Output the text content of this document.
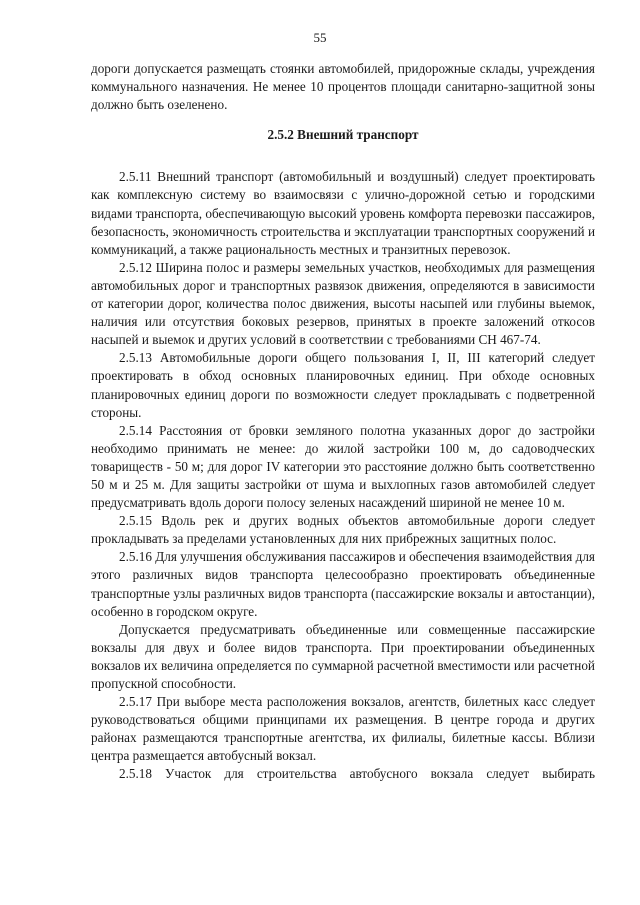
55

дороги допускается размещать стоянки автомобилей, придорожные склады, учреждения коммунального назначения. Не менее 10 процентов площади санитарно-защитной зоны должно быть озеленено.

2.5.2 Внешний транспорт

2.5.11 Внешний транспорт (автомобильный и воздушный) следует проектировать как комплексную систему во взаимосвязи с улично-дорожной сетью и городскими видами транспорта, обеспечивающую высокий уровень комфорта перевозки пассажиров, безопасность, экономичность строительства и эксплуатации транспортных сооружений и коммуникаций, а также рациональность местных и транзитных перевозок.

2.5.12 Ширина полос и размеры земельных участков, необходимых для размещения автомобильных дорог и транспортных развязок движения, определяются в зависимости от категории дорог, количества полос движения, высоты насыпей или глубины выемок, наличия или отсутствия боковых резервов, принятых в проекте заложений откосов насыпей и выемок и других условий в соответствии с требованиями СН 467-74.

2.5.13 Автомобильные дороги общего пользования I, II, III категорий следует проектировать в обход основных планировочных единиц. При обходе основных планировочных единиц дороги по возможности следует прокладывать с подветренной стороны.

2.5.14 Расстояния от бровки земляного полотна указанных дорог до застройки необходимо принимать не менее: до жилой застройки 100 м, до садоводческих товариществ - 50 м; для дорог IV категории это расстояние должно быть соответственно 50 м и 25 м. Для защиты застройки от шума и выхлопных газов автомобилей следует предусматривать вдоль дороги полосу зеленых насаждений шириной не менее 10 м.

2.5.15 Вдоль рек и других водных объектов автомобильные дороги следует прокладывать за пределами установленных для них прибрежных защитных полос.

2.5.16 Для улучшения обслуживания пассажиров и обеспечения взаимодействия для этого различных видов транспорта целесообразно проектировать объединенные транспортные узлы различных видов транспорта (пассажирские вокзалы и автостанции), особенно в городском округе.

Допускается предусматривать объединенные или совмещенные пассажирские вокзалы для двух и более видов транспорта. При проектировании объединенных вокзалов их величина определяется по суммарной расчетной вместимости или расчетной пропускной способности.

2.5.17 При выборе места расположения вокзалов, агентств, билетных касс следует руководствоваться общими принципами их размещения. В центре города и других районах размещаются транспортные агентства, их филиалы, билетные кассы. Вблизи центра размещается автобусный вокзал.

2.5.18 Участок для строительства автобусного вокзала следует выбирать
